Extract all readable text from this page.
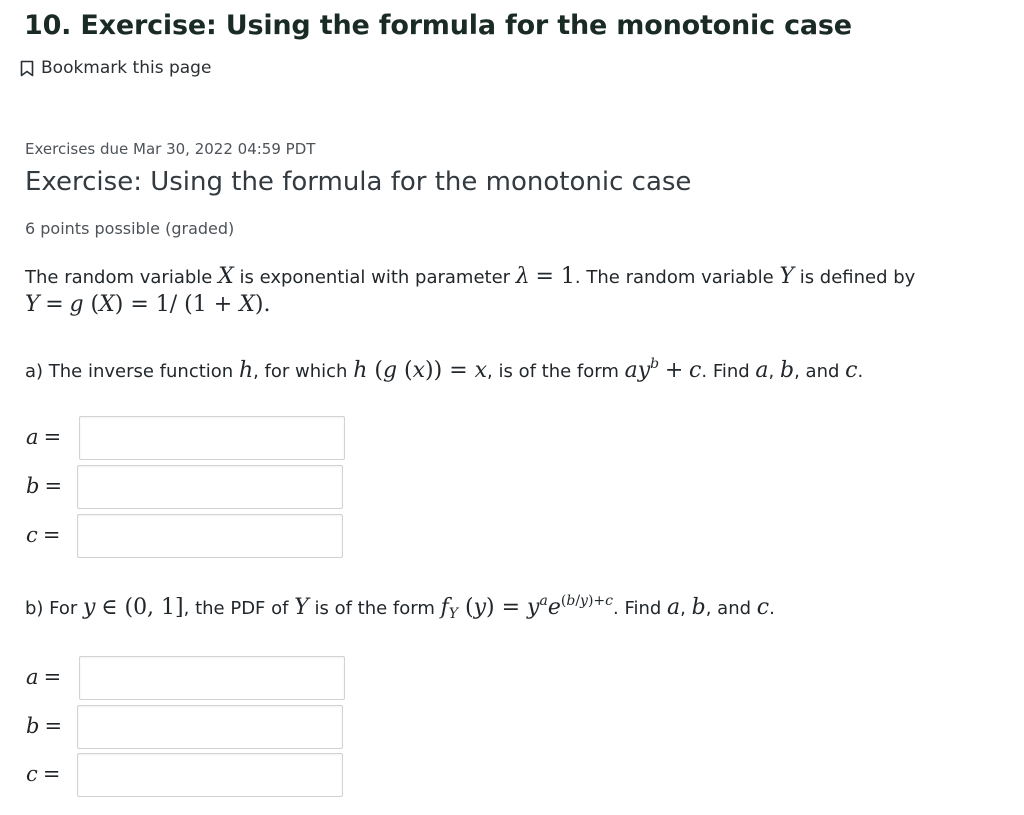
10. Exercise: Using the formula for the monotonic case
Bookmark this page
Exercises due Mar 30, 2022 04:59 PDT
Exercise: Using the formula for the monotonic case
6 points possible (graded)
The random variable X is exponential with parameter λ = 1. The random variable Y is defined by
Y = g (X) = 1/ (1 + X).
a) The inverse function h, for which h (g (x)) = x, is of the form $ay^b + c$. Find a, b, and c.
a =
b =
c =
b) For y ∈ (0, 1], the PDF of Y is of the form $f_Y$ $(y) = y^ae^{(b/y)+c}$. Find a, b, and c.
a =
b =
c =
